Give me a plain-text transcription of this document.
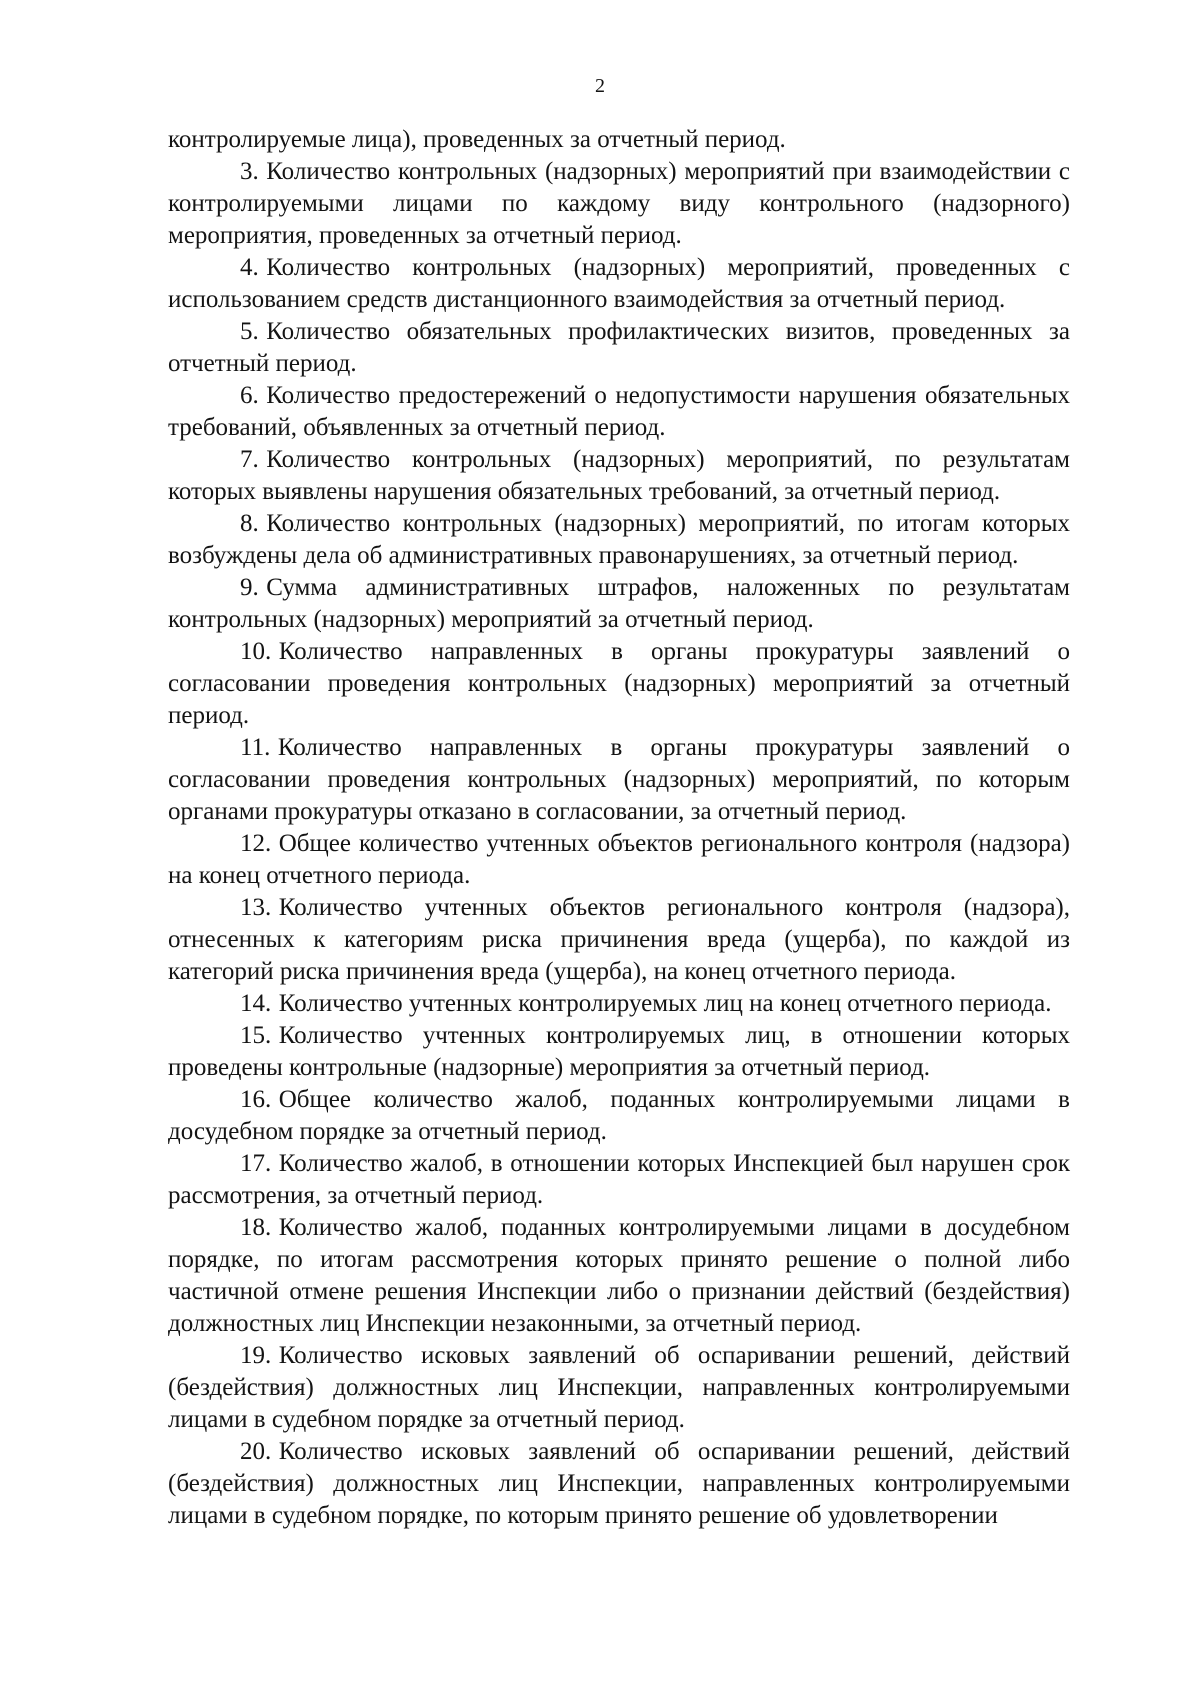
2

контролируемые лица), проведенных за отчетный период.

3. Количество контрольных (надзорных) мероприятий при взаимодействии с контролируемыми лицами по каждому виду контрольного (надзорного) мероприятия, проведенных за отчетный период.

4. Количество контрольных (надзорных) мероприятий, проведенных с использованием средств дистанционного взаимодействия за отчетный период.

5. Количество обязательных профилактических визитов, проведенных за отчетный период.

6. Количество предостережений о недопустимости нарушения обязательных требований, объявленных за отчетный период.

7. Количество контрольных (надзорных) мероприятий, по результатам которых выявлены нарушения обязательных требований, за отчетный период.

8. Количество контрольных (надзорных) мероприятий, по итогам которых возбуждены дела об административных правонарушениях, за отчетный период.

9. Сумма административных штрафов, наложенных по результатам контрольных (надзорных) мероприятий за отчетный период.

10. Количество направленных в органы прокуратуры заявлений о согласовании проведения контрольных (надзорных) мероприятий за отчетный период.

11. Количество направленных в органы прокуратуры заявлений о согласовании проведения контрольных (надзорных) мероприятий, по которым органами прокуратуры отказано в согласовании, за отчетный период.

12. Общее количество учтенных объектов регионального контроля (надзора) на конец отчетного периода.

13. Количество учтенных объектов регионального контроля (надзора), отнесенных к категориям риска причинения вреда (ущерба), по каждой из категорий риска причинения вреда (ущерба), на конец отчетного периода.

14. Количество учтенных контролируемых лиц на конец отчетного периода.

15. Количество учтенных контролируемых лиц, в отношении которых проведены контрольные (надзорные) мероприятия за отчетный период.

16. Общее количество жалоб, поданных контролируемыми лицами в досудебном порядке за отчетный период.

17. Количество жалоб, в отношении которых Инспекцией был нарушен срок рассмотрения, за отчетный период.

18. Количество жалоб, поданных контролируемыми лицами в досудебном порядке, по итогам рассмотрения которых принято решение о полной либо частичной отмене решения Инспекции либо о признании действий (бездействия) должностных лиц Инспекции незаконными, за отчетный период.

19. Количество исковых заявлений об оспаривании решений, действий (бездействия) должностных лиц Инспекции, направленных контролируемыми лицами в судебном порядке за отчетный период.

20. Количество исковых заявлений об оспаривании решений, действий (бездействия) должностных лиц Инспекции, направленных контролируемыми лицами в судебном порядке, по которым принято решение об удовлетворении
